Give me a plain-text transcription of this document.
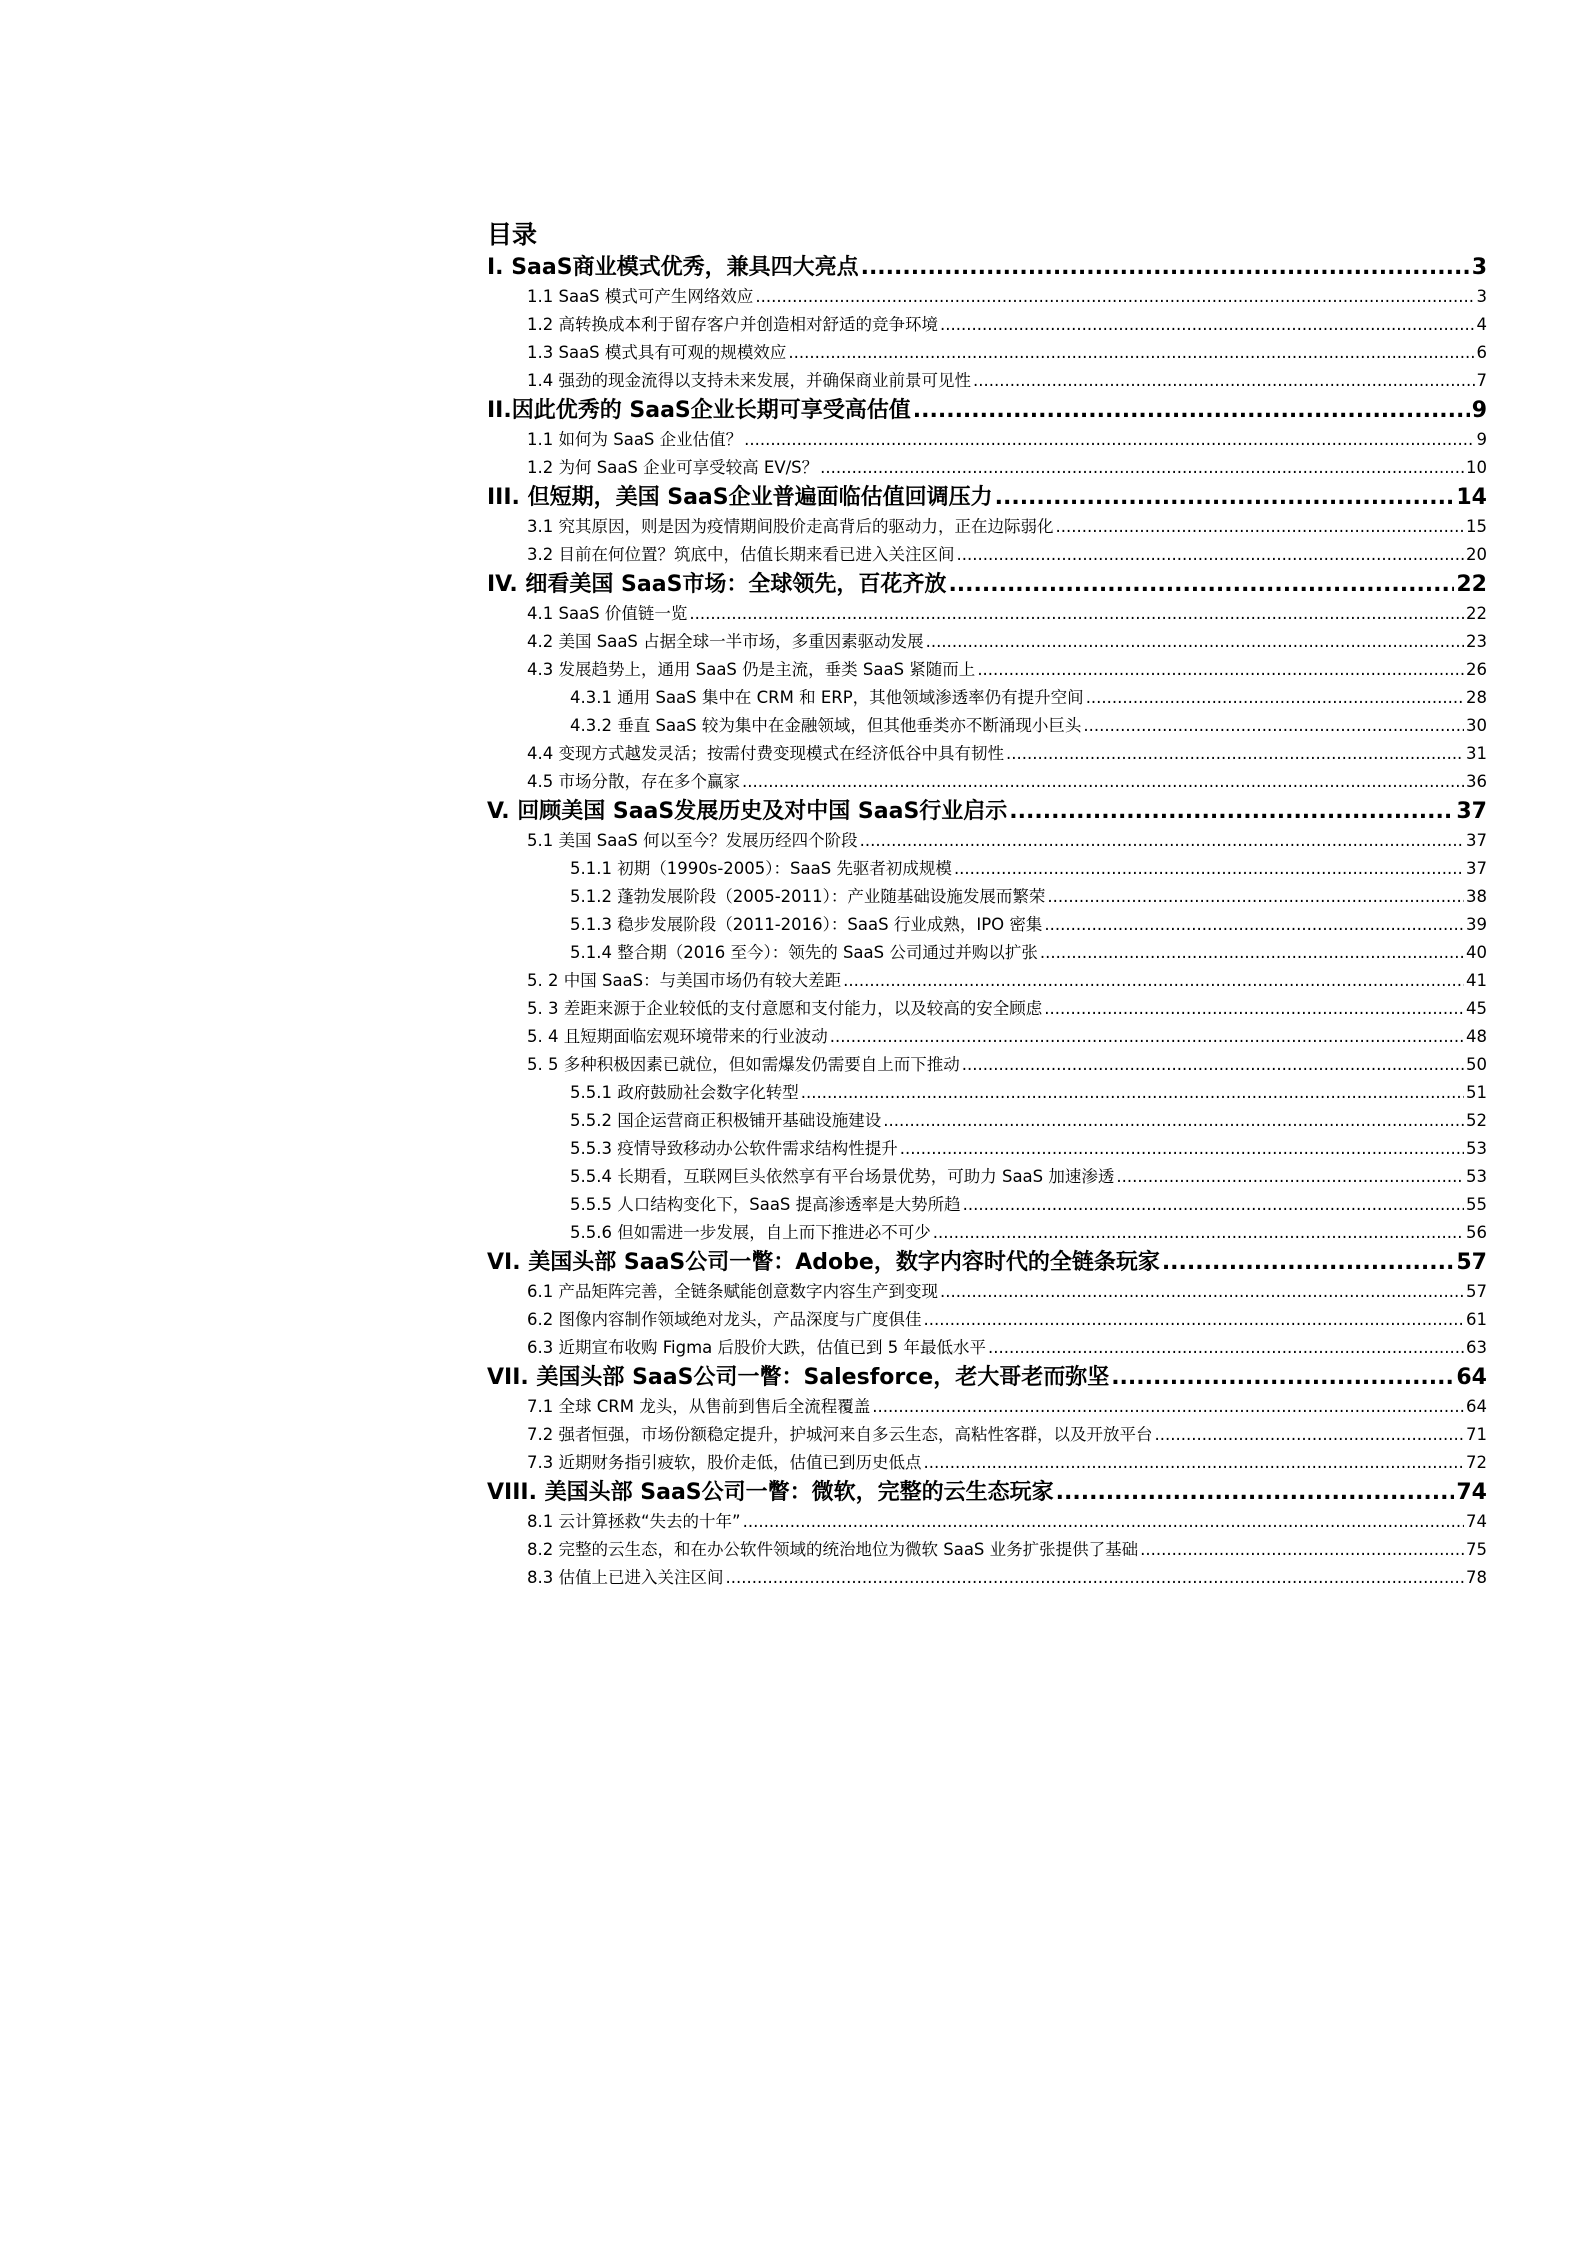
目录
I. SaaS商业模式优秀，兼具四大亮点 .....	3
1.1 SaaS 模式可产生网络效应 .....	3
1.2 高转换成本利于留存客户并创造相对舒适的竞争环境 .....	4
1.3 SaaS 模式具有可观的规模效应 .....	6
1.4 强劲的现金流得以支持未来发展，并确保商业前景可见性 .....	7
II.因此优秀的 SaaS企业长期可享受高估值 .....	9
1.1 如何为 SaaS 企业估值？ .....	9
1.2 为何 SaaS 企业可享受较高 EV/S？ .....	10
III. 但短期，美国 SaaS企业普遍面临估值回调压力 .....	14
3.1 究其原因，则是因为疫情期间股价走高背后的驱动力，正在边际弱化 .....	15
3.2 目前在何位置？筑底中，估值长期来看已进入关注区间 .....	20
IV. 细看美国 SaaS市场：全球领先，百花齐放 .....	22
4.1 SaaS 价值链一览 .....	22
4.2 美国 SaaS 占据全球一半市场，多重因素驱动发展 .....	23
4.3 发展趋势上，通用 SaaS 仍是主流，垂类 SaaS 紧随而上 .....	26
4.3.1 通用 SaaS 集中在 CRM 和 ERP，其他领域渗透率仍有提升空间 .....	28
4.3.2 垂直 SaaS 较为集中在金融领域，但其他垂类亦不断涌现小巨头 .....	30
4.4 变现方式越发灵活；按需付费变现模式在经济低谷中具有韧性 .....	31
4.5 市场分散，存在多个赢家 .....	36
V. 回顾美国 SaaS发展历史及对中国 SaaS行业启示 .....	37
5.1 美国 SaaS 何以至今？发展历经四个阶段 .....	37
5.1.1 初期（1990s-2005）：SaaS 先驱者初成规模 .....	37
5.1.2 蓬勃发展阶段（2005-2011）：产业随基础设施发展而繁荣 .....	38
5.1.3 稳步发展阶段（2011-2016）：SaaS 行业成熟，IPO 密集 .....	39
5.1.4 整合期（2016 至今）：领先的 SaaS 公司通过并购以扩张 .....	40
5. 2 中国 SaaS：与美国市场仍有较大差距 .....	41
5. 3 差距来源于企业较低的支付意愿和支付能力，以及较高的安全顾虑 .....	45
5. 4 且短期面临宏观环境带来的行业波动 .....	48
5. 5 多种积极因素已就位，但如需爆发仍需要自上而下推动 .....	50
5.5.1 政府鼓励社会数字化转型 .....	51
5.5.2 国企运营商正积极铺开基础设施建设 .....	52
5.5.3 疫情导致移动办公软件需求结构性提升 .....	53
5.5.4 长期看，互联网巨头依然享有平台场景优势，可助力 SaaS 加速渗透 .....	53
5.5.5 人口结构变化下，SaaS 提高渗透率是大势所趋 .....	55
5.5.6 但如需进一步发展，自上而下推进必不可少 .....	56
VI. 美国头部 SaaS公司一瞥：Adobe，数字内容时代的全链条玩家 .....	57
6.1 产品矩阵完善，全链条赋能创意数字内容生产到变现 .....	57
6.2 图像内容制作领域绝对龙头，产品深度与广度俱佳 .....	61
6.3 近期宣布收购 Figma 后股价大跌，估值已到 5 年最低水平 .....	63
VII. 美国头部 SaaS公司一瞥：Salesforce，老大哥老而弥坚 .....	64
7.1 全球 CRM 龙头，从售前到售后全流程覆盖 .....	64
7.2 强者恒强，市场份额稳定提升，护城河来自多云生态，高粘性客群，以及开放平台 .....	71
7.3 近期财务指引疲软，股价走低，估值已到历史低点 .....	72
VIII. 美国头部 SaaS公司一瞥：微软，完整的云生态玩家 .....	74
8.1 云计算拯救“失去的十年” .....	74
8.2 完整的云生态，和在办公软件领域的统治地位为微软 SaaS 业务扩张提供了基础 .....	75
8.3 估值上已进入关注区间 .....	78
